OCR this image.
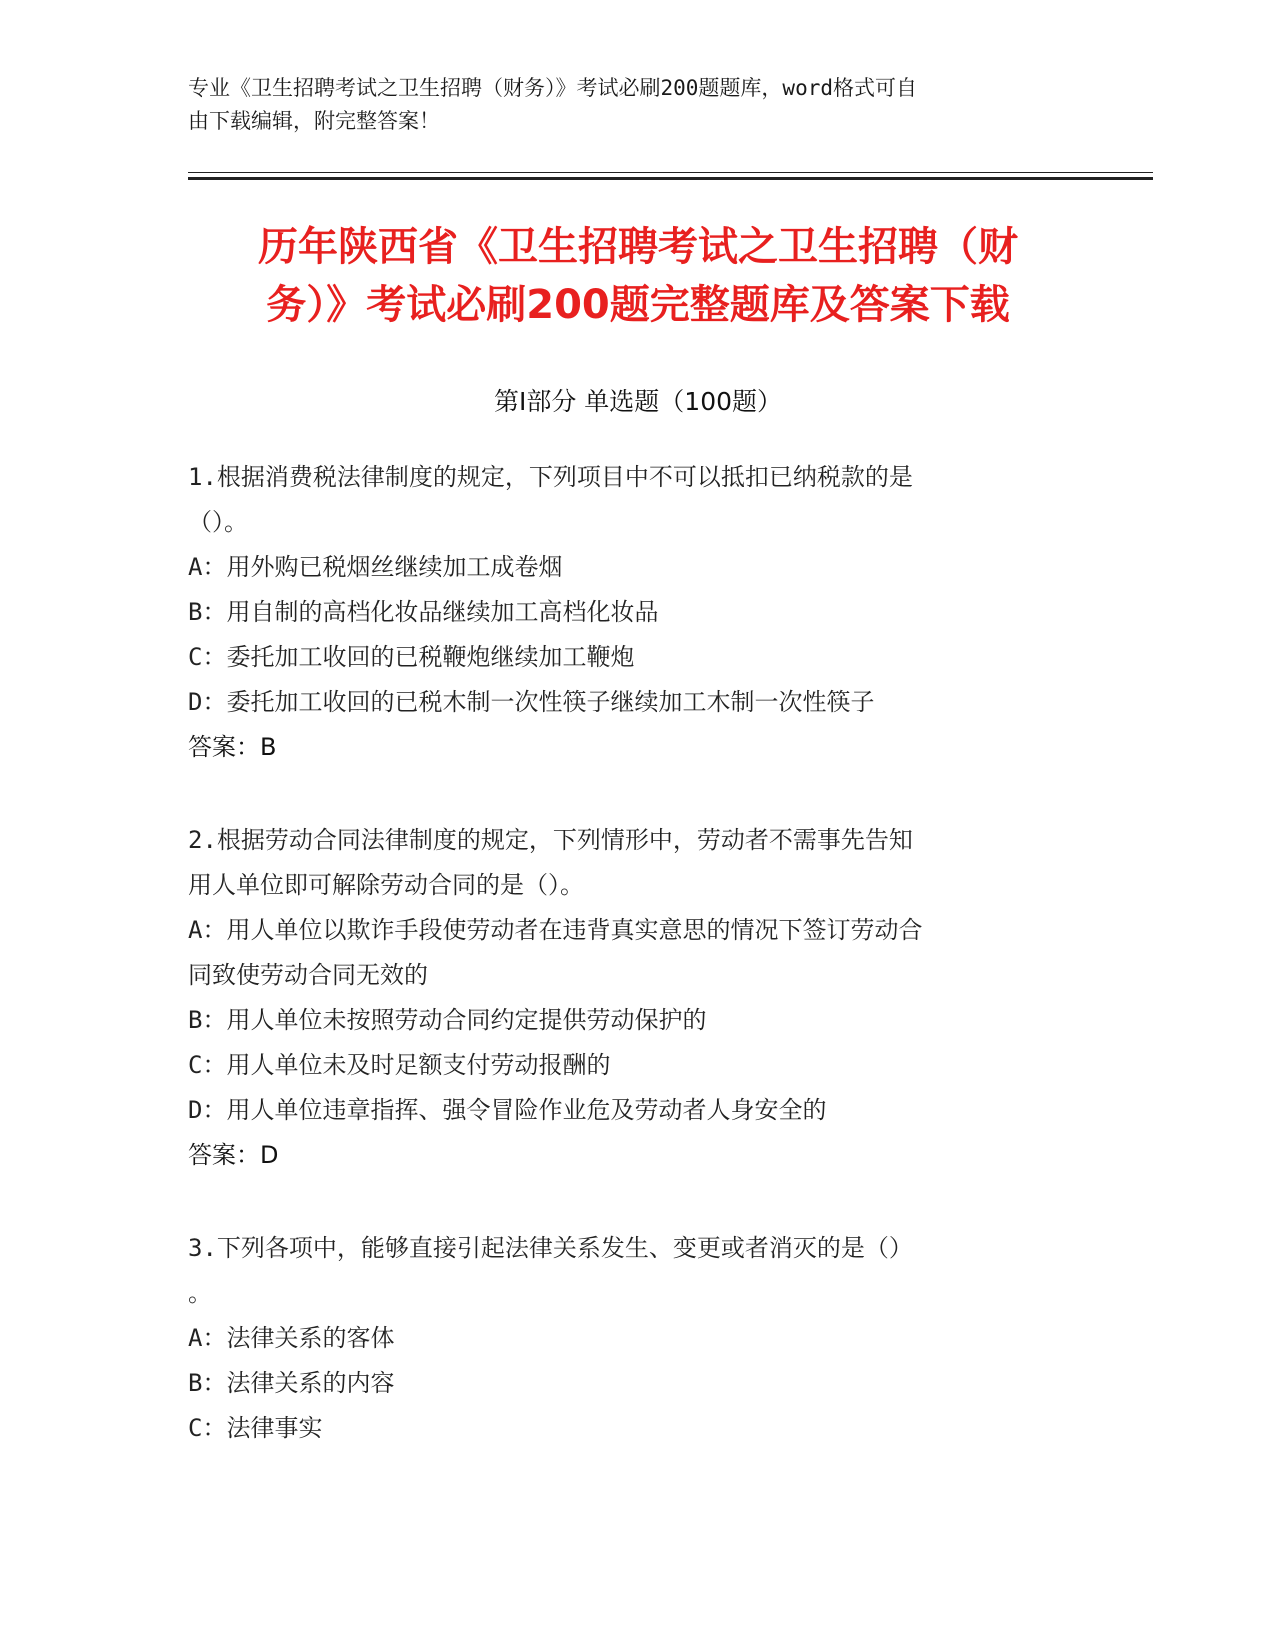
专业《卫生招聘考试之卫生招聘（财务）》考试必刷200题题库，word格式可自
由下载编辑，附完整答案！
历年陕西省《卫生招聘考试之卫生招聘（财
务）》考试必刷200题完整题库及答案下载
第Ⅰ部分 单选题（100题）
1.根据消费税法律制度的规定，下列项目中不可以抵扣已纳税款的是
（）。
A：用外购已税烟丝继续加工成卷烟
B：用自制的高档化妆品继续加工高档化妆品
C：委托加工收回的已税鞭炮继续加工鞭炮
D：委托加工收回的已税木制一次性筷子继续加工木制一次性筷子
答案：B
2.根据劳动合同法律制度的规定，下列情形中，劳动者不需事先告知
用人单位即可解除劳动合同的是（）。
A：用人单位以欺诈手段使劳动者在违背真实意思的情况下签订劳动合
同致使劳动合同无效的
B：用人单位未按照劳动合同约定提供劳动保护的
C：用人单位未及时足额支付劳动报酬的
D：用人单位违章指挥、强令冒险作业危及劳动者人身安全的
答案：D
3.下列各项中，能够直接引起法律关系发生、变更或者消灭的是（）
。
A：法律关系的客体
B：法律关系的内容
C：法律事实
